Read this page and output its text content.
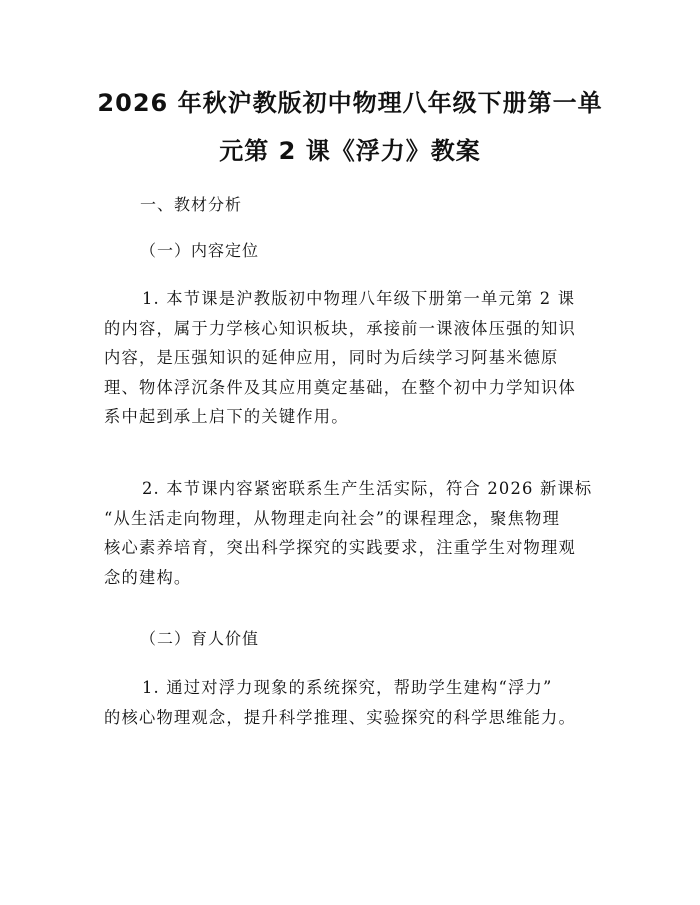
2026 年秋沪教版初中物理八年级下册第一单
元第 2 课《浮力》教案
一、教材分析
（一）内容定位
1. 本节课是沪教版初中物理八年级下册第一单元第 2 课
的内容，属于力学核心知识板块，承接前一课液体压强的知识
内容，是压强知识的延伸应用，同时为后续学习阿基米德原
理、物体浮沉条件及其应用奠定基础，在整个初中力学知识体
系中起到承上启下的关键作用。
2. 本节课内容紧密联系生产生活实际，符合 2026 新课标
“从生活走向物理，从物理走向社会”的课程理念，聚焦物理
核心素养培育，突出科学探究的实践要求，注重学生对物理观
念的建构。
（二）育人价值
1. 通过对浮力现象的系统探究，帮助学生建构“浮力”
的核心物理观念，提升科学推理、实验探究的科学思维能力。
